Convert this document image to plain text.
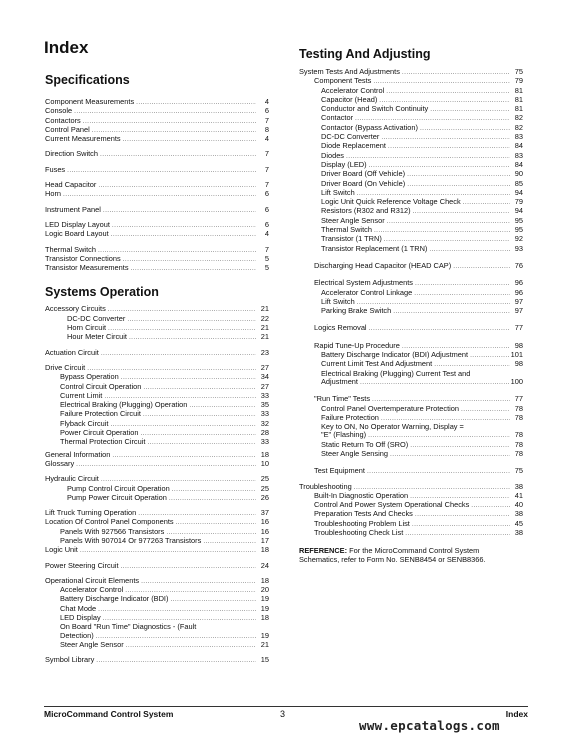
Index
Specifications
Component Measurements .....	4
Console .....	6
Contactors .....	7
Control Panel .....	8
Current Measurements .....	4
Direction Switch .....	7
Fuses .....	7
Head Capacitor .....	7
Horn .....	6
Instrument Panel .....	6
LED Display Layout .....	6
Logic Board Layout .....	4
Thermal Switch .....	7
Transistor Connections .....	5
Transistor Measurements .....	5
Systems Operation
Accessory Circuits .....	21
DC-DC Converter .....	22
Horn Circuit .....	21
Hour Meter Circuit .....	21
Actuation Circuit .....	23
Drive Circuit .....	27
Bypass Operation .....	34
Control Circuit Operation .....	27
Current Limit .....	33
Electrical Braking (Plugging) Operation .....	35
Failure Protection Circuit .....	33
Flyback Circuit .....	32
Power Circuit Operation .....	28
Thermal Protection Circuit .....	33
General Information .....	18
Glossary .....	10
Hydraulic Circuit .....	25
Pump Control Circuit Operation .....	25
Pump Power Circuit Operation .....	26
Lift Truck Turning Operation .....	37
Location Of Control Panel Components .....	16
Panels With 927566 Transistors .....	16
Panels With 907014 Or 977263 Transistors .....	17
Logic Unit .....	18
Power Steering Circuit .....	24
Operational Circuit Elements .....	18
Accelerator Control .....	20
Battery Discharge Indicator (BDI) .....	19
Chat Mode .....	19
LED Display .....	18
On Board "Run Time" Diagnostics - (Fault
Detection) .....	19
Steer Angle Sensor .....	21
Symbol Library .....	15
Testing And Adjusting
System Tests And Adjustments .....	75
Component Tests .....	79
Accelerator Control .....	81
Capacitor (Head) .....	81
Conductor and Switch Continuity .....	81
Contactor .....	82
Contactor (Bypass Activation) .....	82
DC-DC Converter .....	83
Diode Replacement .....	84
Diodes .....	83
Display (LED) .....	84
Driver Board (Off Vehicle) .....	90
Driver Board (On Vehicle) .....	85
Lift Switch .....	94
Logic Unit Quick Reference Voltage Check .....	79
Resistors (R302 and R312) .....	94
Steer Angle Sensor .....	95
Thermal Switch .....	95
Transistor (1 TRN) .....	92
Transistor Replacement (1 TRN) .....	93
Discharging Head Capacitor (HEAD CAP) .....	76
Electrical System Adjustments .....	96
Accelerator Control Linkage .....	96
Lift Switch .....	97
Parking Brake Switch .....	97
Logics Removal .....	77
Rapid Tune-Up Procedure .....	98
Battery Discharge Indicator (BDI) Adjustment .....	101
Current Limit Test And Adjustment .....	98
Electrical Braking (Plugging) Current Test and
Adjustment .....	100
"Run Time" Tests .....	77
Control Panel Overtemperature Protection .....	78
Failure Protection .....	78
Key to ON, No Operator Warning, Display =
"E" (Flashing) .....	78
Static Return To Off (SRO) .....	78
Steer Angle Sensing .....	78
Test Equipment .....	75
Troubleshooting .....	38
Built-In Diagnostic Operation .....	41
Control And Power System Operational Checks .....	40
Preparation Tests And Checks .....	38
Troubleshooting Problem List .....	45
Troubleshooting Check List .....	38
REFERENCE: For the MicroCommand Control System
Schematics, refer to Form No. SENB8454 or SENB8366.
MicroCommand Control System	3	Index
www.epcatalogs.com
